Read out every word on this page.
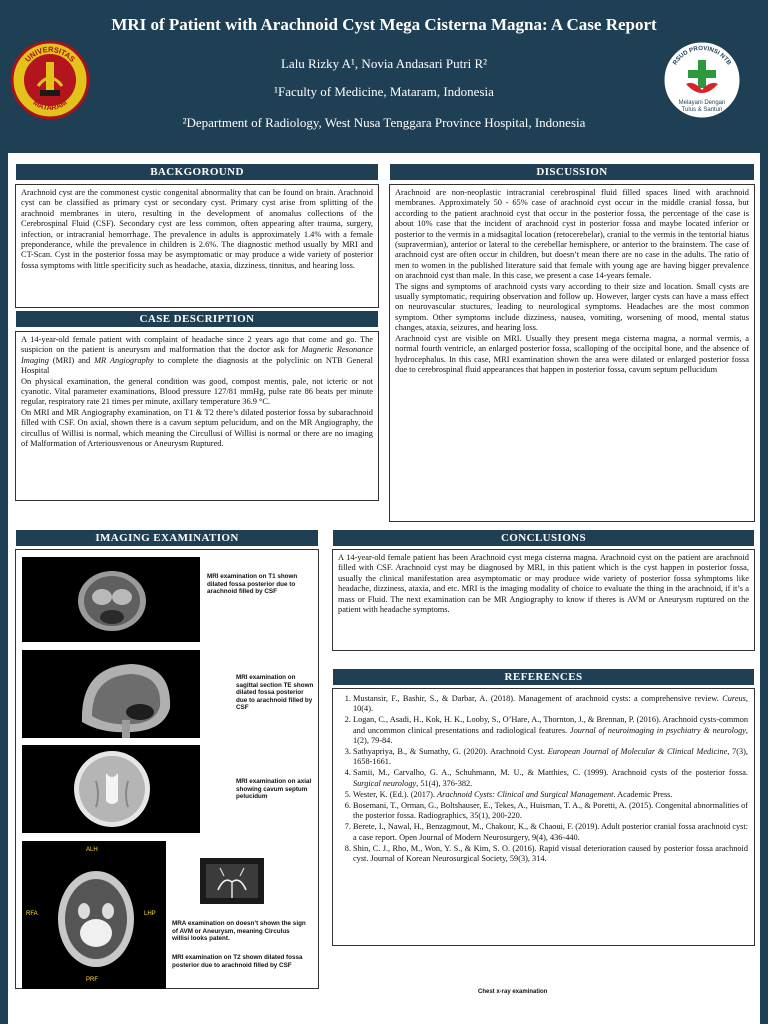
UNIVERSITAS
MATARAM
MRI of Patient with Arachnoid Cyst Mega Cisterna Magna: A Case Report
Lalu Rizky A¹, Novia Andasari Putri R²
¹Faculty of Medicine, Mataram, Indonesia
²Department of Radiology, West Nusa Tenggara Province Hospital, Indonesia
RSUD PROVINSI NTB
Melayani Dengan
Tulus & Santun
BACKGOROUND

Arachnoid cyst are the commonest cystic congenital abnormality that can be found on brain. Arachnoid cyst can be classified as primary cyst or secondary cyst. Primary cyst arise from splitting of the arachnoid membranes in utero, resulting in the development of anomalus collections of the Cerebrospinal Fluid (CSF). Secondary cyst are less common, often appearing after trauma, surgery, infection, or intracranial hemorrhage. The prevalence in adults is approximately 1.4% with a female preponderance, while the prevalence in children is 2.6%. The diagnostic method usually by MRI and CT-Scan. Cyst in the posterior fossa may be asymptomatic or may produce a wide variety of posterior fossa symptoms with little specificity such as headache, ataxia, dizziness, tinnitus, and hearing loss.

CASE DESCRIPTION

A 14-year-old female patient with complaint of headache since 2 years ago that come and go. The suspicion on the patient is aneurysm and malformation that the doctor ask for Magnetic Resonance Imaging (MRI) and MR Angiography to complete the diagnosis at the polyclinic on NTB General Hospital

On physical examination, the general condition was good, compost mentis, pale, not icteric or not cyanotic. Vital parameter examinations, Blood pressure 127/81 mmHg, pulse rate 86 beats per minute regular, respiratory rate 21 times per minute, axillary temperature 36.9 °C.

On MRI and MR Angiography examination, on T1 & T2 there’s dilated posterior fossa by subarachnoid filled with CSF. On axial, shown there is a cavum septum pelucidum, and on the MR Angiography, the circullus of Willisi is normal, which meaning the Circullusi of Willisi is normal or there are no imaging of Malformation of Arteriousvenous or Aneurysm Ruptured.

DISCUSSION

Arachnoid are non-neoplastic intracranial cerebrospinal fluid filled spaces lined with arachnoid membranes. Approximately 50 - 65% case of arachnoid cyst occur in the middle cranial fossa, but according to the patient arachnoid cyst that occur in the posterior fossa, the percentage of the case is about 10% case that the incident of arachnoid cyst in posterior fossa and maybe located inferior or posterior to the vermis in a midsagital location (retocerebelar), cranial to the vermis in the tentorial hiatus (supravermian), anterior or lateral to the cerebellar hemisphere, or anterior to the brainstem. The case of arachnoid cyst are often occur in children, but doesn’t mean there are no case in the adults. The ratio of men to women in the published literature said that female with young age are having bigger prevalence on arachnoid cyst than male. In this case, we present a case 14-years female.

The signs and symptoms of arachnoid cysts vary according to their size and location. Small cysts are usually symptomatic, requiring observation and follow up. However, larger cysts can have a mass effect on neurovascular stuctures, leading to neurological symptoms. Headaches are the most common symptom. Other symptoms include dizziness, nausea, vomiting, worsening of mood, mental status changes, ataxia, seizures, and hearing loss.

Arachnoid cyst are visible on MRI. Usually they present mega cisterna magna, a normal vermis, a normal fourth ventricle, an enlarged posterior fossa, scalloping of the occipital bone, and the absence of hydrocephalus. In this case, MRI examination shown the area were dilated or enlarged posterior fossa due to cerebrospinal fluid appearances that happen in posterior fossa, cavum septum pellucidum

IMAGING EXAMINATION
MRI examination on T1 shown dilated fossa posterior due to arachnoid filled by CSF
MRI examination on sagittal section TE shown dilated fossa posterior due to arachnoid filled by CSF
MRI examination on axial showing cavum septum pelucidum
ALH
RFA	LHP
PRF
MRA examination on doesn’t shown the sign of AVM or Aneurysm, meaning Circulus willisi looks patent.
MRI examination on T2 shown dilated fossa posterior due to arachnoid filled by CSF
CONCLUSIONS

A 14-year-old female patient has been Arachnoid cyst mega cisterna magna. Arachnoid cyst on the patient are arachnoid filled with CSF. Arachnoid cyst may be diagnosed by MRI, in this patient which is the cyst happen in posterior fossa, usually the clinical manifestation area asymptomatic or may produce wide variety of posterior fossa syhmptoms like headache, dizziness, ataxia, and etc. MRI is the imaging modality of choice to evaluate the thing in the arachnoid, if it’s a mass or Fluid. The next examination can be MR Angiography to know if theres is AVM or Aneurysm ruptured on the patient with headache symptoms.

REFERENCES
1. Mustansir, F., Bashir, S., & Darbar, A. (2018). Management of arachnoid cysts: a comprehensive review. Cureus, 10(4).
2. Logan, C., Asadi, H., Kok, H. K., Looby, S., O’Hare, A., Thornton, J., & Brennan, P. (2016). Arachnoid cysts-common and uncommon clinical presentations and radiological features. Journal of neuroimaging in psychiatry & neurology, 1(2), 79-84.
3. Sathyapriya, B., & Sumathy, G. (2020). Arachnoid Cyst. European Journal of Molecular & Clinical Medicine, 7(3), 1658-1661.
4. Samii, M., Carvalho, G. A., Schuhmann, M. U., & Matthies, C. (1999). Arachnoid cysts of the posterior fossa. Surgical neurology, 51(4), 376-382.
5. Wester, K. (Ed.). (2017). Arachnoid Cysts: Clinical and Surgical Management. Academic Press.
6. Bosemani, T., Orman, G., Boltshauser, E., Tekes, A., Huisman, T. A., & Poretti, A. (2015). Congenital abnormalities of the posterior fossa. Radiographics, 35(1), 200-220.
7. Berete, I., Nawal, H., Benzagmout, M., Chakour, K., & Chaoui, F. (2019). Adult posterior cranial fossa arachnoid cyst: a case report. Open Journal of Modern Neurosurgery, 9(4), 436-440.
8. Shin, C. J., Rho, M., Won, Y. S., & Kim, S. O. (2016). Rapid visual deterioration caused by posterior fossa arachnoid cyst. Journal of Korean Neurosurgical Society, 59(3), 314.
Chest x-ray examination
